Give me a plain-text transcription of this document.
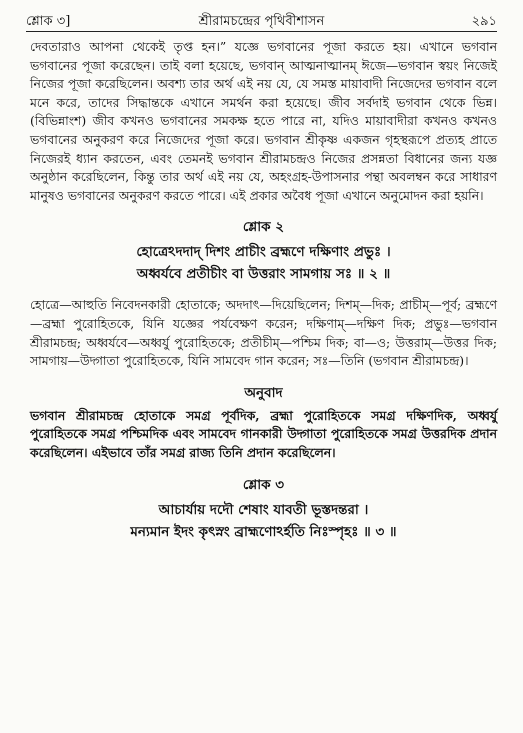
শ্লোক ৩]	শ্রীরামচন্দ্রের পৃথিবীশাসন	২৯১

দেবতারাও আপনা থেকেই তৃপ্ত হন।” যজ্ঞে ভগবানের পূজা করতে হয়। এখানে ভগবান ভগবানের পূজা করেছেন। তাই বলা হয়েছে, ভগবান্ আত্মনাত্মানম্ ঈজে—ভগবান স্বয়ং নিজেই নিজের পূজা করেছিলেন। অবশ্য তার অর্থ এই নয় যে, যে সমস্ত মায়াবাদী নিজেদের ভগবান বলে মনে করে, তাদের সিদ্ধান্তকে এখানে সমর্থন করা হয়েছে। জীব সর্বদাই ভগবান থেকে ভিন্ন। (বিভিন্নাংশ) জীব কখনও ভগবানের সমকক্ষ হতে পারে না, যদিও মায়াবাদীরা কখনও কখনও ভগবানের অনুকরণ করে নিজেদের পূজা করে। ভগবান শ্রীকৃষ্ণ একজন গৃহস্থরূপে প্রত্যহ প্রাতে নিজেরই ধ্যান করতেন, এবং তেমনই ভগবান শ্রীরামচন্দ্রও নিজের প্রসন্নতা বিধানের জন্য যজ্ঞ অনুষ্ঠান করেছিলেন, কিন্তু তার অর্থ এই নয় যে, অহংগ্রহ-উপাসনার পন্থা অবলম্বন করে সাধারণ মানুষও ভগবানের অনুকরণ করতে পারে। এই প্রকার অবৈধ পূজা এখানে অনুমোদন করা হয়নি।

শ্লোক ২
হোত্রেঽদদাদ্ দিশং প্রাচীং ব্রহ্মণে দক্ষিণাং প্রভুঃ ।
অধ্বর্যবে প্রতীচীং বা উত্তরাং সামগায় সঃ ॥ ২ ॥

হোত্রে—আহুতি নিবেদনকারী হোতাকে; অদদাৎ—দিয়েছিলেন; দিশম্—দিক; প্রাচীম্—পূর্ব; ব্রহ্মণে—ব্রহ্মা পুরোহিতকে, যিনি যজ্ঞের পর্যবেক্ষণ করেন; দক্ষিণাম্—দক্ষিণ দিক; প্রভুঃ—ভগবান শ্রীরামচন্দ্র; অধ্বর্যবে—অধ্বর্যু পুরোহিতকে; প্রতীচীম্—পশ্চিম দিক; বা—ও; উত্তরাম্—উত্তর দিক; সামগায়—উদ্গাতা পুরোহিতকে, যিনি সামবেদ গান করেন; সঃ—তিনি (ভগবান শ্রীরামচন্দ্র)।

অনুবাদ

ভগবান শ্রীরামচন্দ্র হোতাকে সমগ্র পূর্বদিক, ব্রহ্মা পুরোহিতকে সমগ্র দক্ষিণদিক, অধ্বর্যু পুরোহিতকে সমগ্র পশ্চিমদিক এবং সামবেদ গানকারী উদ্গাতা পুরোহিতকে সমগ্র উত্তরদিক প্রদান করেছিলেন। এইভাবে তাঁর সমগ্র রাজ্য তিনি প্রদান করেছিলেন।

শ্লোক ৩
আচার্যায় দদৌ শেষাং যাবতী ভূস্তদন্তরা ।
মন্যমান ইদং কৃৎস্নং ব্রাহ্মণোঽর্হতি নিঃস্পৃহঃ ॥ ৩ ॥
